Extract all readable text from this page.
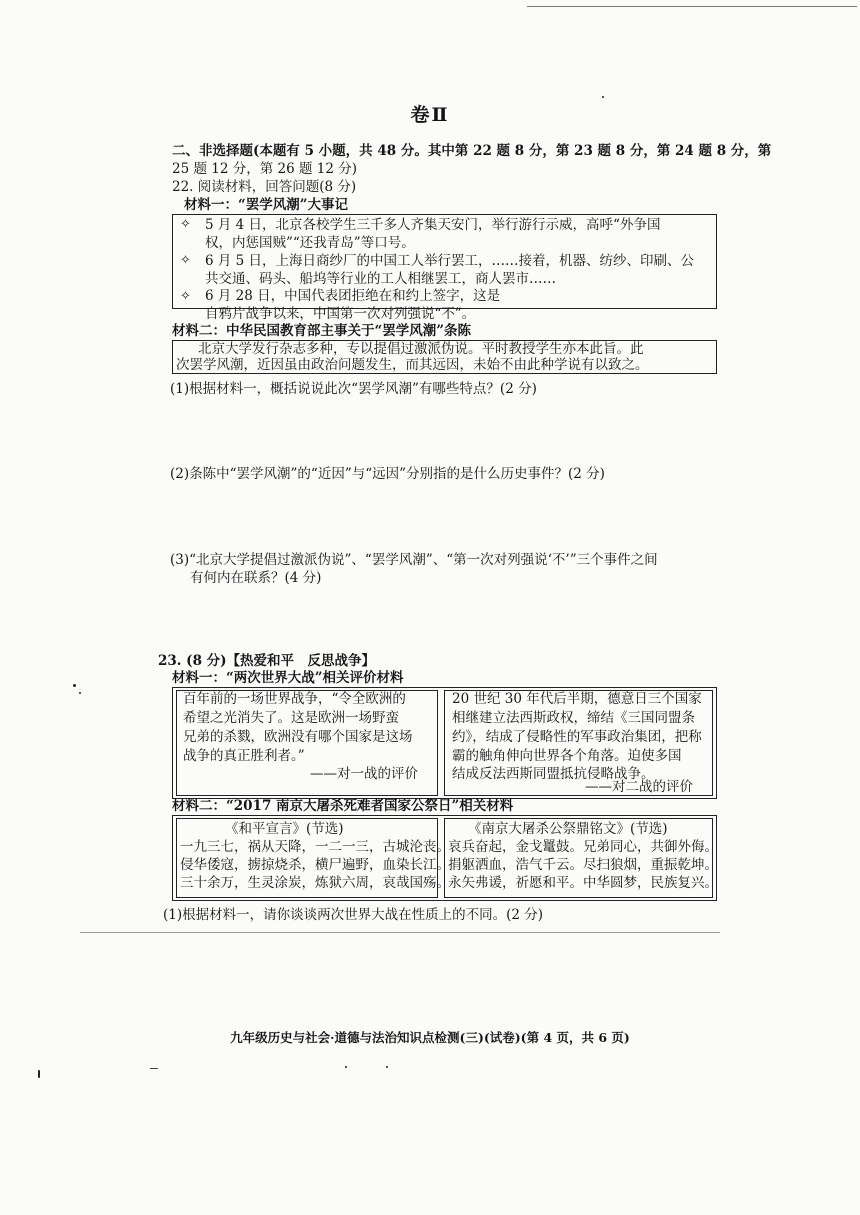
卷Ⅱ
二、非选择题(本题有 5 小题，共 48 分。其中第 22 题 8 分，第 23 题 8 分，第 24 题 8 分，第
25 题 12 分，第 26 题 12 分)
22. 阅读材料，回答问题(8 分)
材料一：“罢学风潮”大事记
✧ 5 月 4 日，北京各校学生三千多人齐集天安门，举行游行示威，高呼“外争国
权，内惩国贼”“还我青岛”等口号。
✧ 6 月 5 日，上海日商纱厂的中国工人举行罢工，……接着，机器、纺纱、印刷、公
共交通、码头、船坞等行业的工人相继罢工，商人罢市……
✧ 6 月 28 日，中国代表团拒绝在和约上签字，这是
自鸦片战争以来，中国第一次对列强说“不”。
材料二：中华民国教育部主事关于“罢学风潮”条陈
北京大学发行杂志多种，专以提倡过激派伪说。平时教授学生亦本此旨。此
次罢学风潮，近因虽由政治问题发生，而其远因，未始不由此种学说有以致之。
(1)根据材料一，概括说说此次“罢学风潮”有哪些特点？(2 分)
(2)条陈中“罢学风潮”的“近因”与“远因”分别指的是什么历史事件？(2 分)
(3)“北京大学提倡过激派伪说”、“罢学风潮”、“第一次对列强说‘不’”三个事件之间
有何内在联系？(4 分)
23. (8 分)【热爱和平　反思战争】
材料一：“两次世界大战”相关评价材料
百年前的一场世界战争，“令全欧洲的
希望之光消失了。这是欧洲一场野蛮
兄弟的杀戮，欧洲没有哪个国家是这场
战争的真正胜利者。”
——对一战的评价
20 世纪 30 年代后半期，德意日三个国家
相继建立法西斯政权，缔结《三国同盟条
约》，结成了侵略性的军事政治集团，把称
霸的触角伸向世界各个角落。迫使多国
结成反法西斯同盟抵抗侵略战争。
——对二战的评价
材料二：“2017 南京大屠杀死难者国家公祭日”相关材料
《和平宣言》(节选)
一九三七，祸从天降，一二一三，古城沦丧。
侵华倭寇，掳掠烧杀，横尸遍野，血染长江。
三十余万，生灵涂炭，炼狱六周，哀哉国殇。
《南京大屠杀公祭鼎铭文》(节选)
哀兵奋起，金戈鼍鼓。兄弟同心，共御外侮。
捐躯洒血，浩气千云。尽扫狼烟，重振乾坤。
永矢弗谖，祈愿和平。中华圆梦，民族复兴。
(1)根据材料一，请你谈谈两次世界大战在性质上的不同。(2 分)
九年级历史与社会·道德与法治知识点检测(三)(试卷)(第 4 页，共 6 页)
